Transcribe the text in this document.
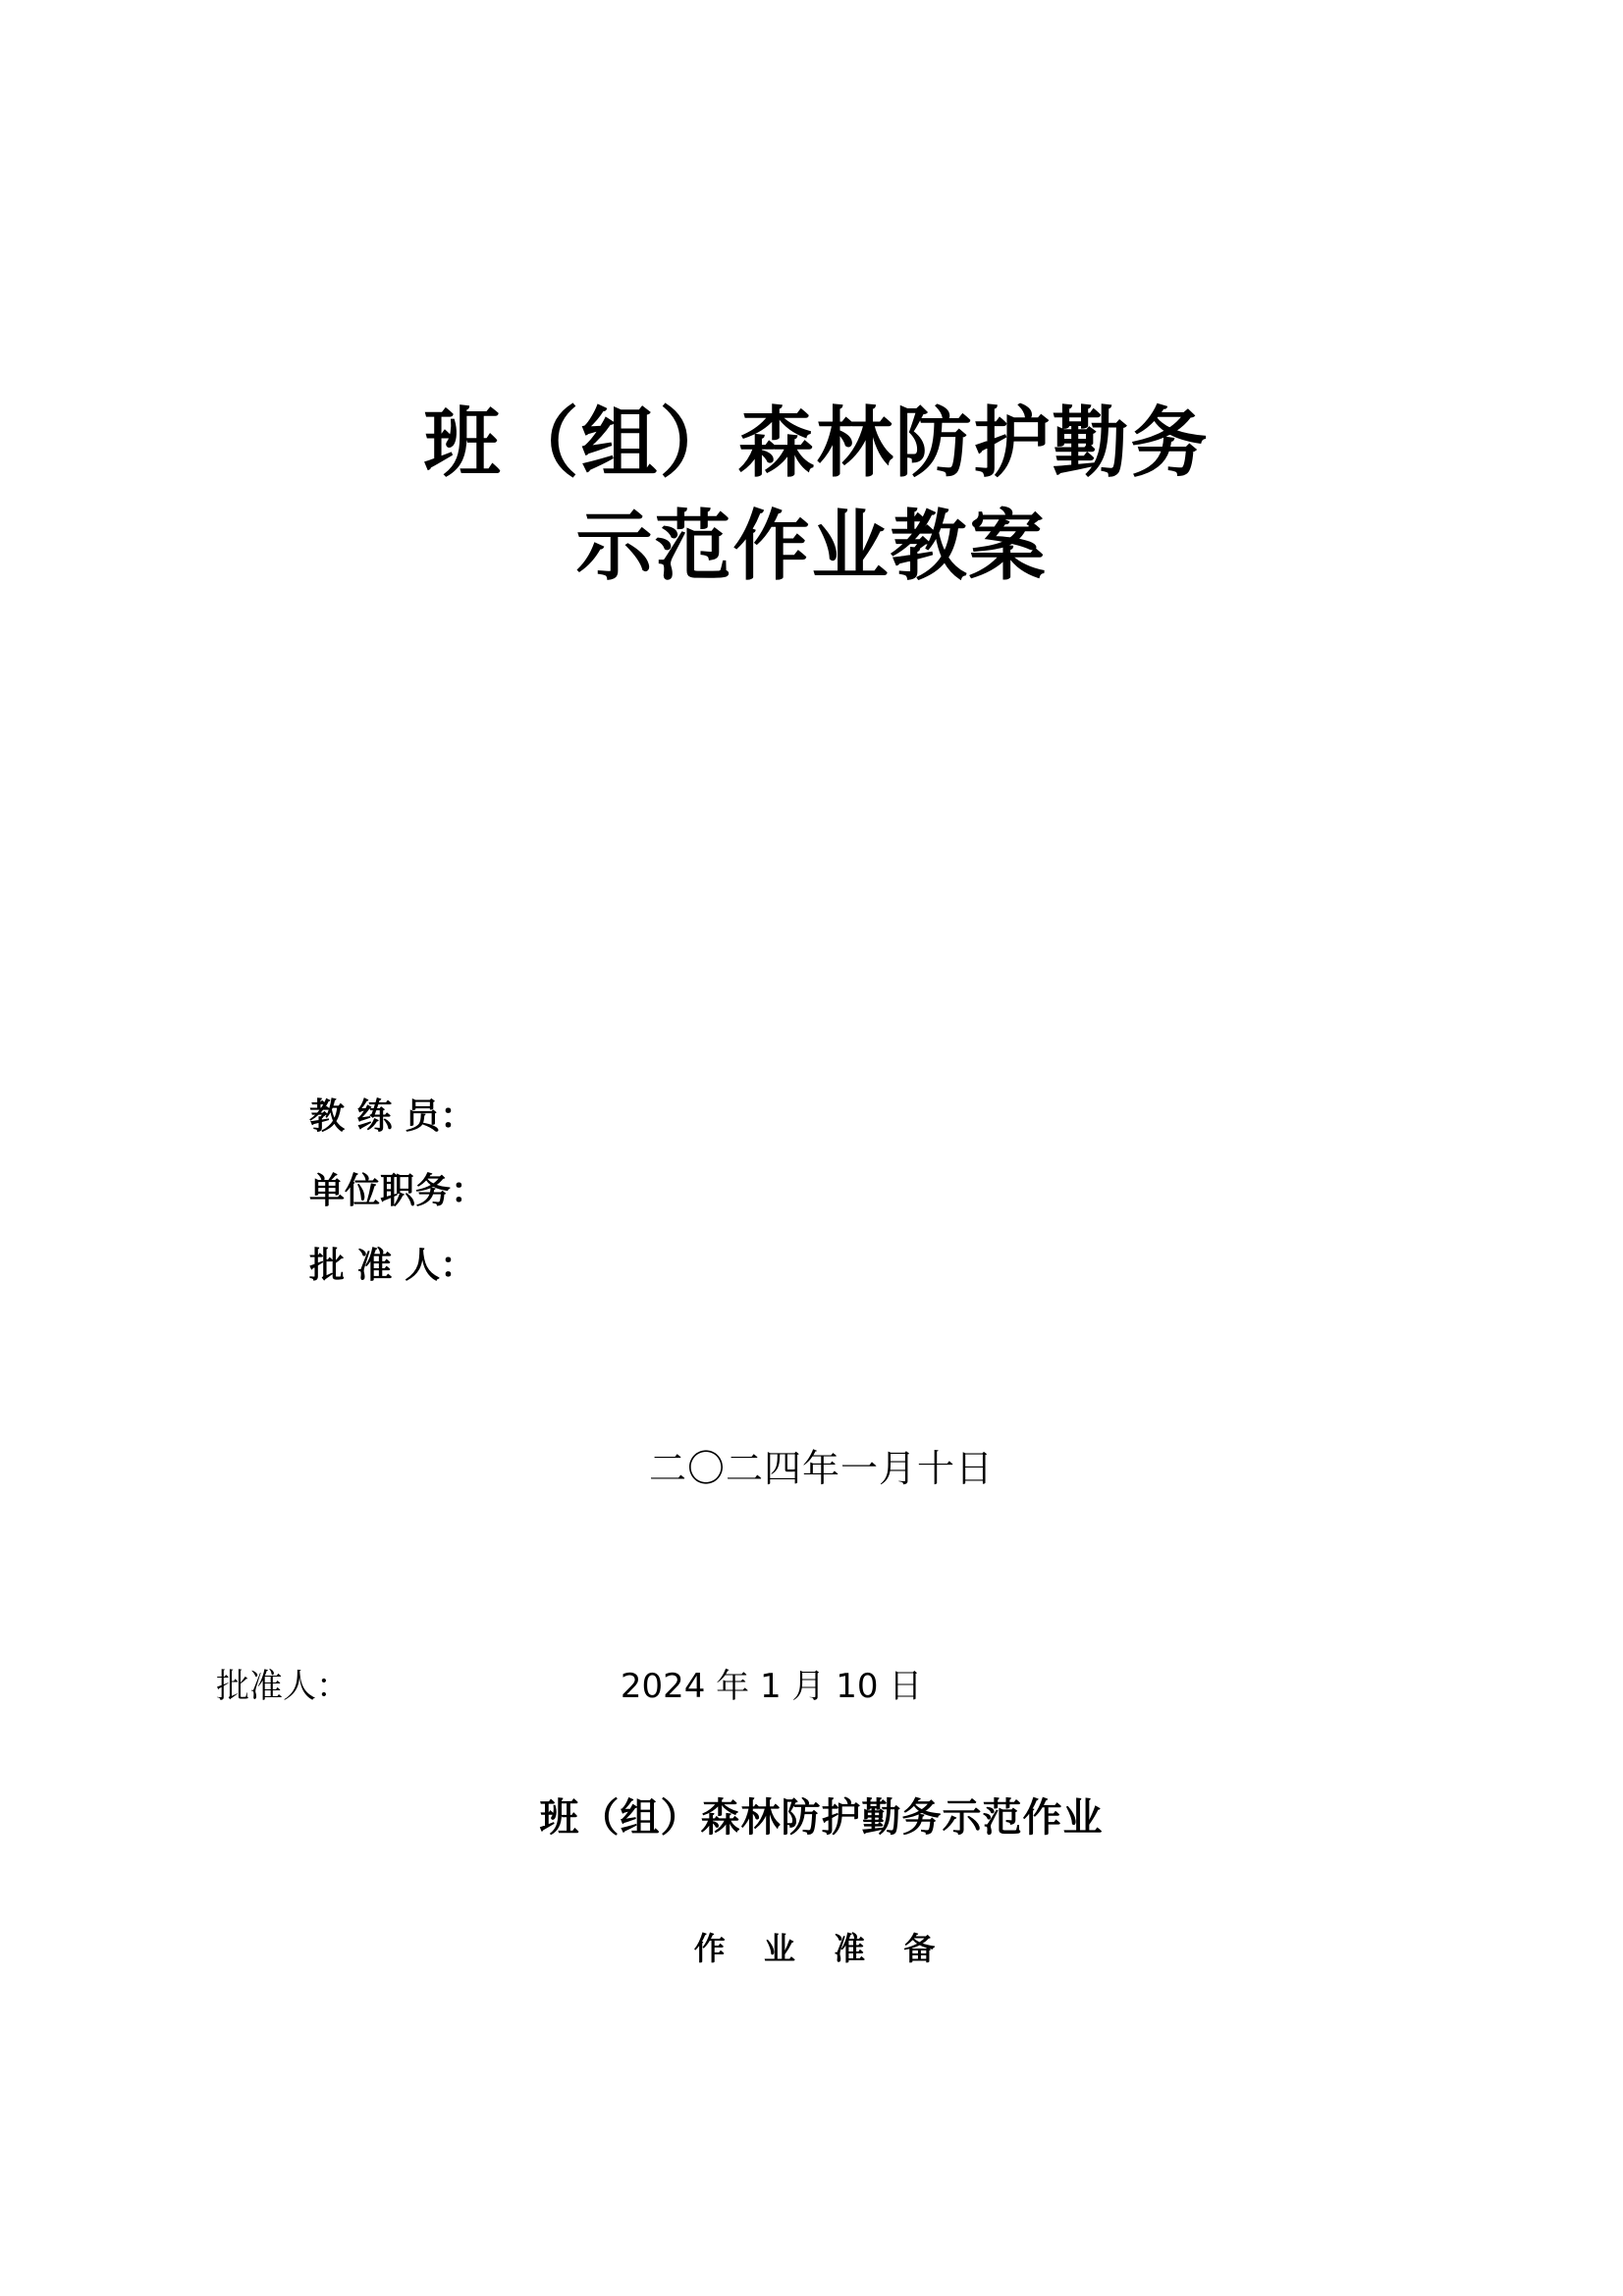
班（组）森林防护勤务
示范作业教案
教 练 员：
单位职务：
批 准 人：
二〇二四年一月十日
批准人：	2024 年 1 月 10 日
班（组）森林防护勤务示范作业
作 业 准 备
